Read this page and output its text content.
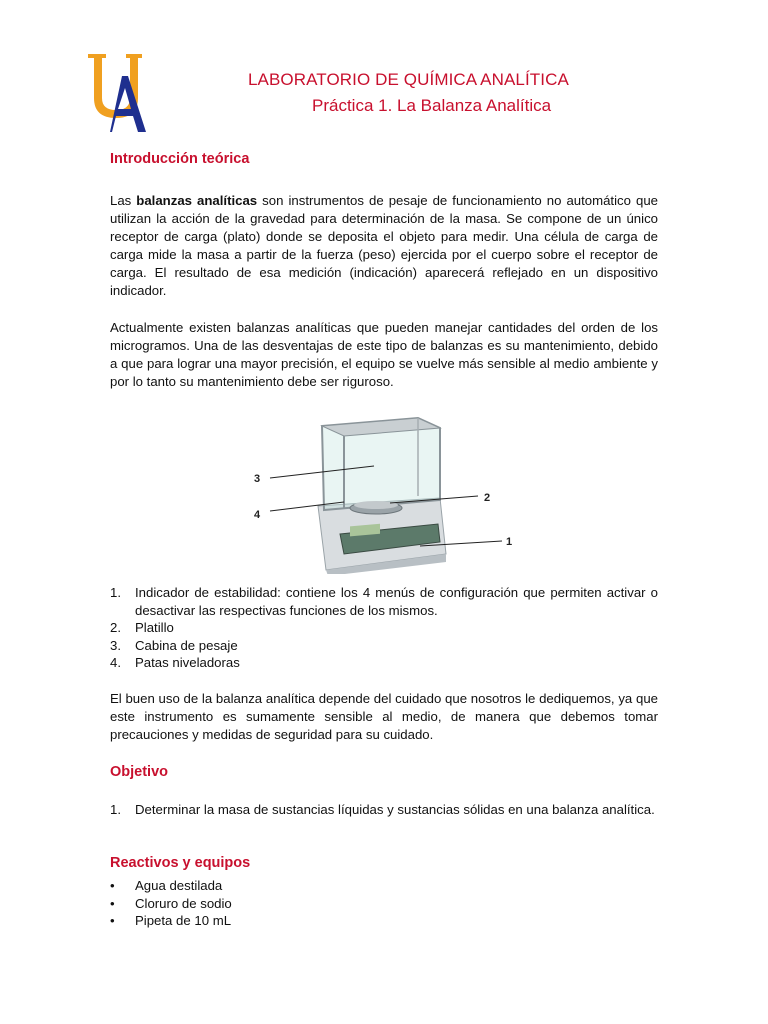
LABORATORIO DE QUÍMICA ANALÍTICA
Práctica 1. La Balanza Analítica
Introducción teórica

Las balanzas analíticas son instrumentos de pesaje de funcionamiento no automático que utilizan la acción de la gravedad para determinación de la masa. Se compone de un único receptor de carga (plato) donde se deposita el objeto para medir. Una célula de carga de carga mide la masa a partir de la fuerza (peso) ejercida por el cuerpo sobre el receptor de carga. El resultado de esa medición (indicación) aparecerá reflejado en un dispositivo indicador.

Actualmente existen balanzas analíticas que pueden manejar cantidades del orden de los microgramos. Una de las desventajas de este tipo de balanzas es su mantenimiento, debido a que para lograr una mayor precisión, el equipo se vuelve más sensible al medio ambiente y por lo tanto su mantenimiento debe ser riguroso.

3
2
4
1
1. Indicador de estabilidad: contiene los 4 menús de configuración que permiten activar o desactivar las respectivas funciones de los mismos.
2. Platillo
3. Cabina de pesaje
4. Patas niveladoras

El buen uso de la balanza analítica depende del cuidado que nosotros le dediquemos, ya que este instrumento es sumamente sensible al medio, de manera que debemos tomar precauciones y medidas de seguridad para su cuidado.

Objetivo
1. Determinar la masa de sustancias líquidas y sustancias sólidas en una balanza analítica.
Reactivos y equipos
• Agua destilada
• Cloruro de sodio
• Pipeta de 10 mL
